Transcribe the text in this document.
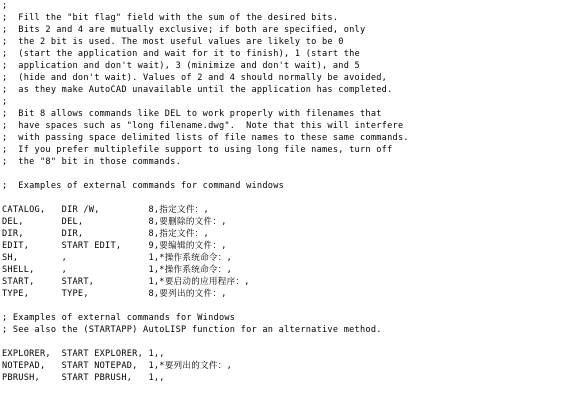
;
;  Fill the "bit flag" field with the sum of the desired bits.
;  Bits 2 and 4 are mutually exclusive; if both are specified, only
;  the 2 bit is used. The most useful values are likely to be 0
;  (start the application and wait for it to finish), 1 (start the
;  application and don't wait), 3 (minimize and don't wait), and 5
;  (hide and don't wait). Values of 2 and 4 should normally be avoided,
;  as they make AutoCAD unavailable until the application has completed.
;
;  Bit 8 allows commands like DEL to work properly with filenames that
;  have spaces such as "long filename.dwg".  Note that this will interfere
;  with passing space delimited lists of file names to these same commands.
;  If you prefer multiplefile support to using long file names, turn off
;  the "8" bit in those commands.
;  Examples of external commands for command windows
CATALOG,   DIR /W,         8,指定文件：,
DEL,       DEL,            8,要删除的文件：,
DIR,       DIR,            8,指定文件：,
EDIT,      START EDIT,     9,要编辑的文件：,
SH,        ,               1,*操作系统命令：,
SHELL,     ,               1,*操作系统命令：,
START,     START,          1,*要启动的应用程序：,
TYPE,      TYPE,           8,要列出的文件：,
; Examples of external commands for Windows
; See also the (STARTAPP) AutoLISP function for an alternative method.
EXPLORER,  START EXPLORER, 1,,
NOTEPAD,   START NOTEPAD,  1,*要列出的文件：,
PBRUSH,    START PBRUSH,   1,,
